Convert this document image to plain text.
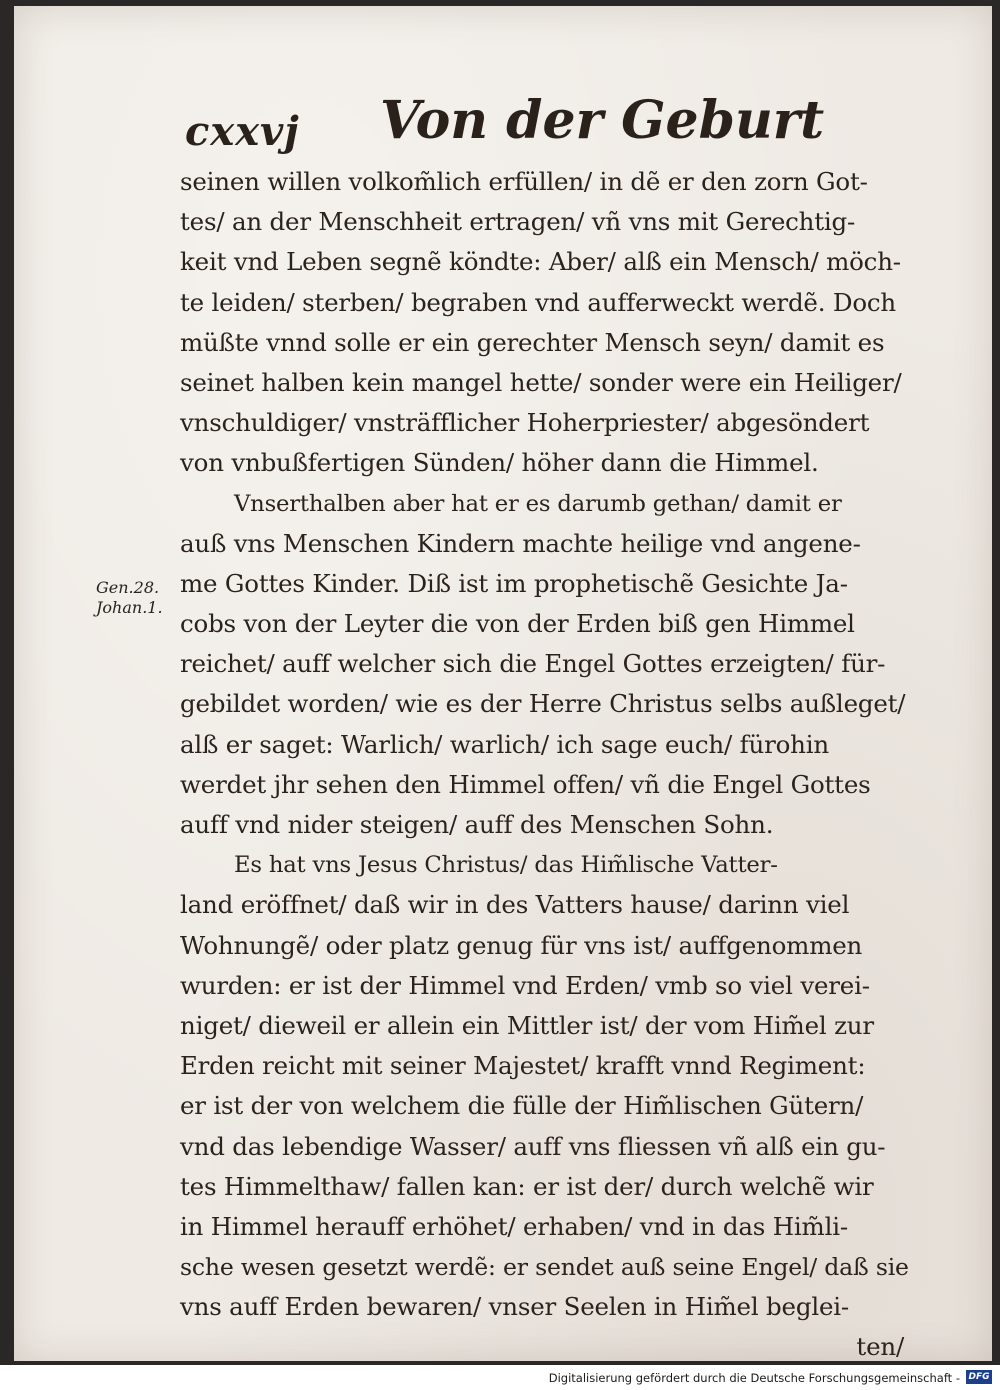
cxxvj Von der Geburt
Gen.28.
Johan.1.
seinen willen volkom̃lich erfüllen/ in dẽ er den zorn Got-
tes/ an der Menschheit ertragen/ vñ vns mit Gerechtig-
keit vnd Leben segnẽ köndte: Aber/ alß ein Mensch/ möch-
te leiden/ sterben/ begraben vnd aufferweckt werdẽ. Doch
müßte vnnd solle er ein gerechter Mensch seyn/ damit es
seinet halben kein mangel hette/ sonder were ein Heiliger/
vnschuldiger/ vnsträfflicher Hoherpriester/ abgesöndert
von vnbußfertigen Sünden/ höher dann die Himmel.
Vnserthalben aber hat er es darumb gethan/ damit er
auß vns Menschen Kindern machte heilige vnd angene-
me Gottes Kinder. Diß ist im prophetischẽ Gesichte Ja-
cobs von der Leyter die von der Erden biß gen Himmel
reichet/ auff welcher sich die Engel Gottes erzeigten/ für-
gebildet worden/ wie es der Herre Christus selbs außleget/
alß er saget: Warlich/ warlich/ ich sage euch/ fürohin
werdet jhr sehen den Himmel offen/ vñ die Engel Gottes
auff vnd nider steigen/ auff des Menschen Sohn.
Es hat vns Jesus Christus/ das Him̃lische Vatter-
land eröffnet/ daß wir in des Vatters hause/ darinn viel
Wohnungẽ/ oder platz genug für vns ist/ auffgenommen
wurden: er ist der Himmel vnd Erden/ vmb so viel verei-
niget/ dieweil er allein ein Mittler ist/ der vom Him̃el zur
Erden reicht mit seiner Majestet/ krafft vnnd Regiment:
er ist der von welchem die fülle der Him̃lischen Gütern/
vnd das lebendige Wasser/ auff vns fliessen vñ alß ein gu-
tes Himmelthaw/ fallen kan: er ist der/ durch welchẽ wir
in Himmel herauff erhöhet/ erhaben/ vnd in das Him̃li-
sche wesen gesetzt werdẽ: er sendet auß seine Engel/ daß sie
vns auff Erden bewaren/ vnser Seelen in Him̃el beglei-
ten/
Digitalisierung gefördert durch die Deutsche Forschungsgemeinschaft - DFG
